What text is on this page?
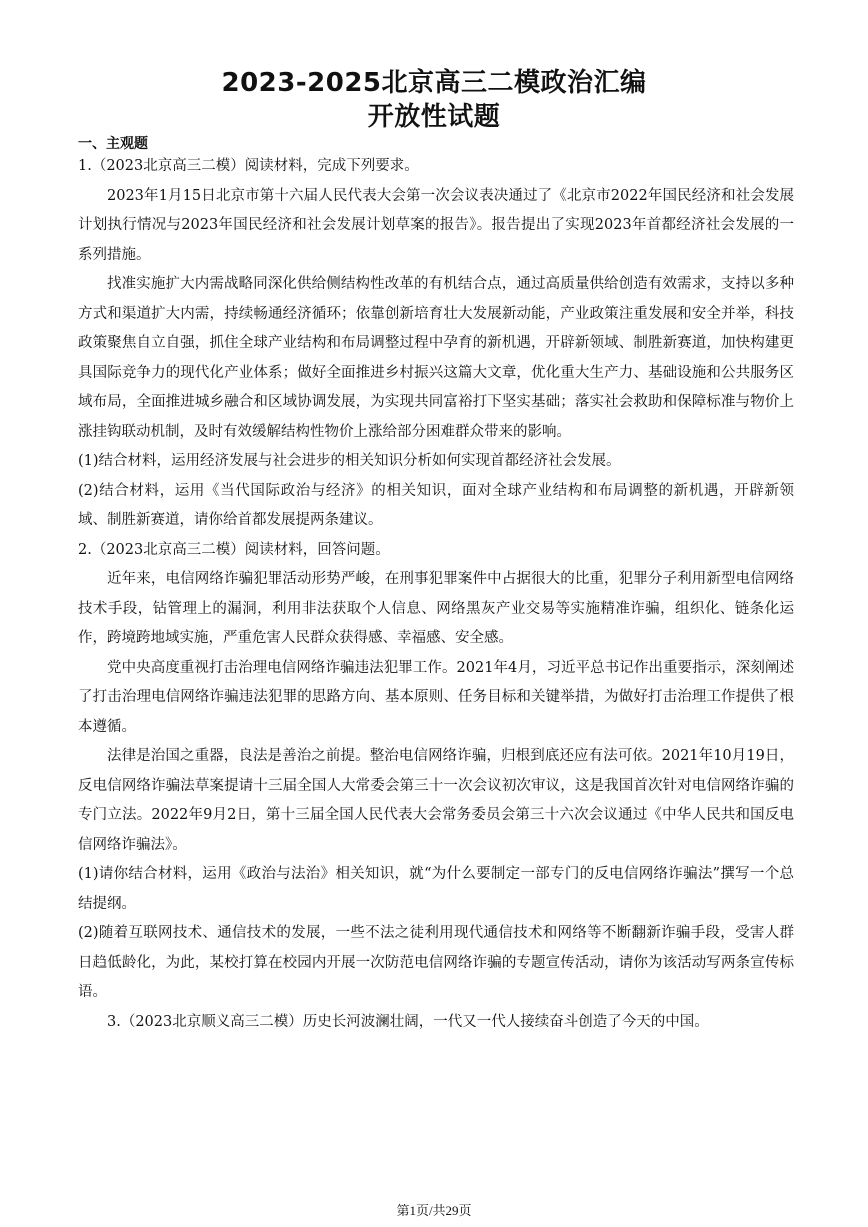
2023-2025北京高三二模政治汇编
开放性试题
一、主观题

1.（2023北京高三二模）阅读材料，完成下列要求。

2023年1月15日北京市第十六届人民代表大会第一次会议表决通过了《北京市2022年国民经济和社会发展计划执行情况与2023年国民经济和社会发展计划草案的报告》。报告提出了实现2023年首都经济社会发展的一系列措施。

找准实施扩大内需战略同深化供给侧结构性改革的有机结合点，通过高质量供给创造有效需求，支持以多种方式和渠道扩大内需，持续畅通经济循环；依靠创新培育壮大发展新动能，产业政策注重发展和安全并举，科技政策聚焦自立自强，抓住全球产业结构和布局调整过程中孕育的新机遇，开辟新领域、制胜新赛道，加快构建更具国际竞争力的现代化产业体系；做好全面推进乡村振兴这篇大文章，优化重大生产力、基础设施和公共服务区域布局，全面推进城乡融合和区域协调发展，为实现共同富裕打下坚实基础；落实社会救助和保障标准与物价上涨挂钩联动机制，及时有效缓解结构性物价上涨给部分困难群众带来的影响。

(1)结合材料，运用经济发展与社会进步的相关知识分析如何实现首都经济社会发展。

(2)结合材料，运用《当代国际政治与经济》的相关知识，面对全球产业结构和布局调整的新机遇，开辟新领域、制胜新赛道，请你给首都发展提两条建议。

2.（2023北京高三二模）阅读材料，回答问题。

近年来，电信网络诈骗犯罪活动形势严峻，在刑事犯罪案件中占据很大的比重，犯罪分子利用新型电信网络技术手段，钻管理上的漏洞，利用非法获取个人信息、网络黑灰产业交易等实施精准诈骗，组织化、链条化运作，跨境跨地域实施，严重危害人民群众获得感、幸福感、安全感。

党中央高度重视打击治理电信网络诈骗违法犯罪工作。2021年4月，习近平总书记作出重要指示，深刻阐述了打击治理电信网络诈骗违法犯罪的思路方向、基本原则、任务目标和关键举措，为做好打击治理工作提供了根本遵循。

法律是治国之重器，良法是善治之前提。整治电信网络诈骗，归根到底还应有法可依。2021年10月19日，反电信网络诈骗法草案提请十三届全国人大常委会第三十一次会议初次审议，这是我国首次针对电信网络诈骗的专门立法。2022年9月2日，第十三届全国人民代表大会常务委员会第三十六次会议通过《中华人民共和国反电信网络诈骗法》。

(1)请你结合材料，运用《政治与法治》相关知识，就“为什么要制定一部专门的反电信网络诈骗法”撰写一个总结提纲。

(2)随着互联网技术、通信技术的发展，一些不法之徒利用现代通信技术和网络等不断翻新诈骗手段，受害人群日趋低龄化，为此，某校打算在校园内开展一次防范电信网络诈骗的专题宣传活动，请你为该活动写两条宣传标语。

3.（2023北京顺义高三二模）历史长河波澜壮阔，一代又一代人接续奋斗创造了今天的中国。

第1页/共29页
